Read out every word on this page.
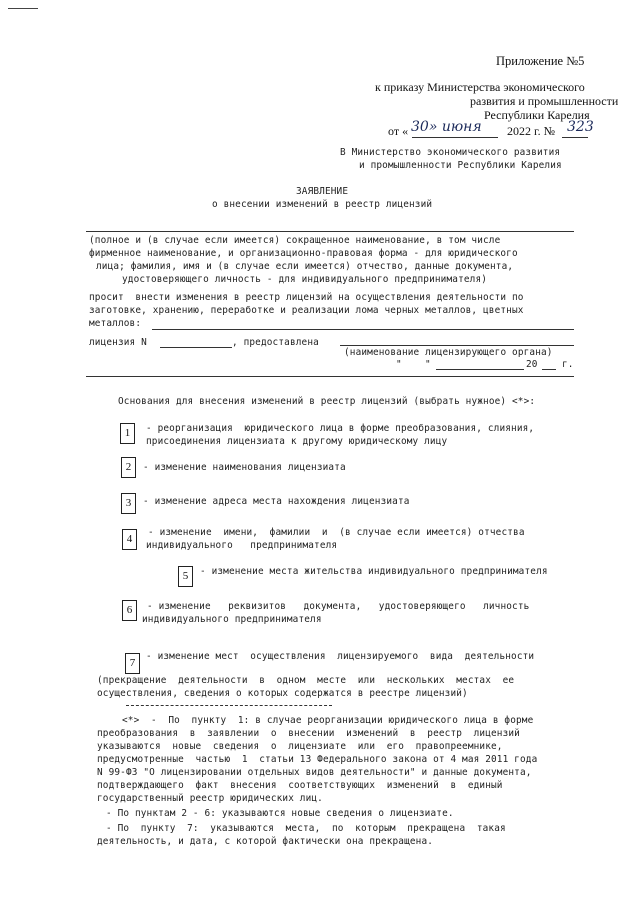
Приложение №5
к приказу Министерства экономического
развития и промышленности
Республики Карелия
от « 30» июня 2022 г. № 323
В Министерство экономического развития
и промышленности Республики Карелия
ЗАЯВЛЕНИЕ
о внесении изменений в реестр лицензий
(полное и (в случае если имеется) сокращенное наименование, в том числе
фирменное наименование, и организационно-правовая форма - для юридического
лица; фамилия, имя и (в случае если имеется) отчество, данные документа,
удостоверяющего личность - для индивидуального предпринимателя)
просит  внести изменения в реестр лицензий на осуществления деятельности по
заготовке, хранению, переработке и реализации лома черных металлов, цветных
металлов:
лицензия N	, предоставлена
(наименование лицензирующего органа)
"    "	20	г.
Основания для внесения изменений в реестр лицензий (выбрать нужное) <*>:
1	- реорганизация  юридического лица в форме преобразования, слияния,
присоединения лицензиата к другому юридическому лицу
2	- изменение наименования лицензиата
3	- изменение адреса места нахождения лицензиата
4
- изменение  имени,  фамилии  и  (в случае если имеется) отчества
индивидуального   предпринимателя
5	- изменение места жительства индивидуального предпринимателя
6	- изменение   реквизитов   документа,   удостоверяющего   личность
индивидуального предпринимателя
7
- изменение мест  осуществления  лицензируемого  вида  деятельности
(прекращение  деятельности  в  одном  месте  или  нескольких  местах  ее
осуществления, сведения о которых содержатся в реестре лицензий)
<*>  -  По  пункту  1: в случае реорганизации юридического лица в форме
преобразования  в  заявлении  о  внесении  изменений  в  реестр  лицензий
указываются  новые  сведения  о  лицензиате  или  его  правопреемнике,
предусмотренные  частью  1  статьи 13 Федерального закона от 4 мая 2011 года
N 99-ФЗ "О лицензировании отдельных видов деятельности" и данные документа,
подтверждающего  факт  внесения  соответствующих  изменений  в  единый
государственный реестр юридических лиц.
- По пунктам 2 - 6: указываются новые сведения о лицензиате.
- По  пункту  7:  указываются  места,  по  которым  прекращена  такая
деятельность, и дата, с которой фактически она прекращена.
